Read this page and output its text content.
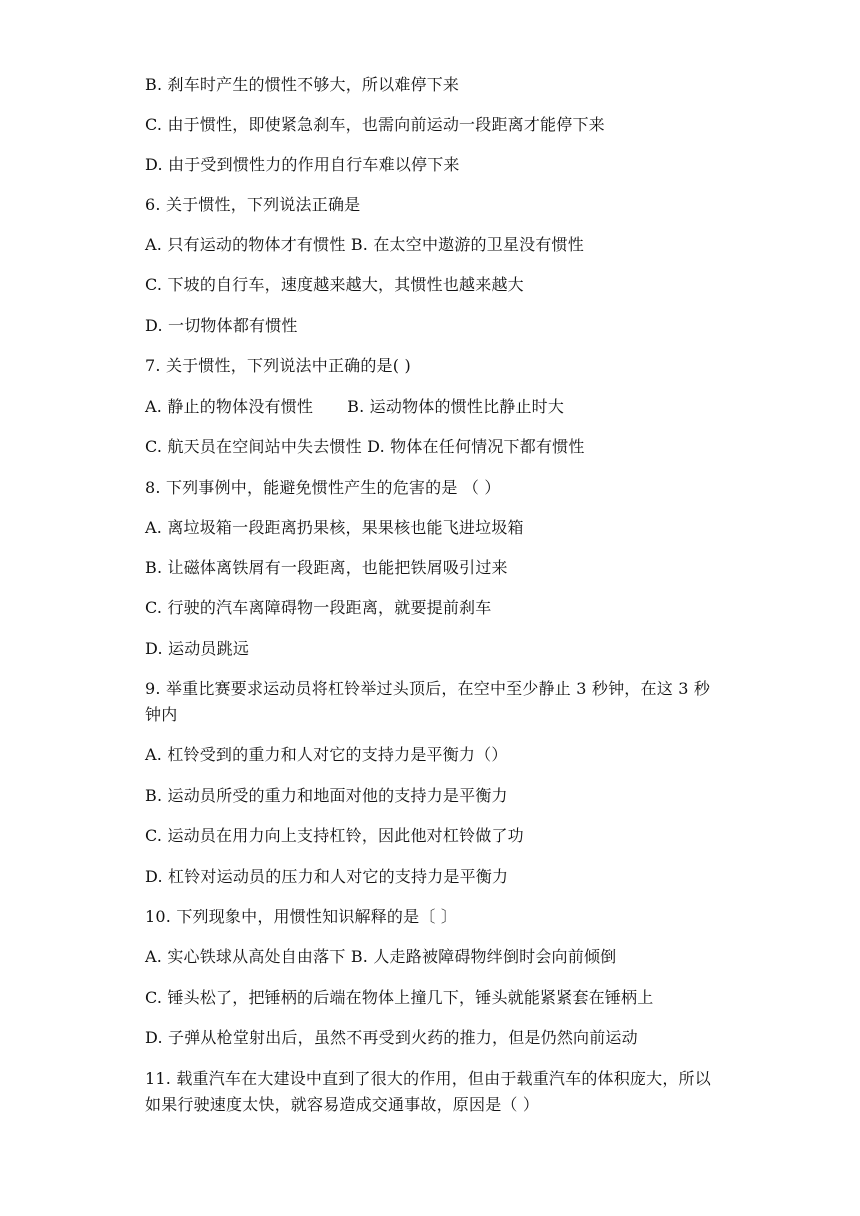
B. 刹车时产生的惯性不够大，所以难停下来
C. 由于惯性，即使紧急刹车，也需向前运动一段距离才能停下来
D. 由于受到惯性力的作用自行车难以停下来
6. 关于惯性，下列说法正确是
A. 只有运动的物体才有惯性 B. 在太空中遨游的卫星没有惯性
C. 下坡的自行车，速度越来越大，其惯性也越来越大
D. 一切物体都有惯性
7. 关于惯性，下列说法中正确的是( )
A. 静止的物体没有惯性 B. 运动物体的惯性比静止时大
C. 航天员在空间站中失去惯性 D. 物体在任何情况下都有惯性
8. 下列事例中，能避免惯性产生的危害的是 （ ）
A. 离垃圾箱一段距离扔果核，果果核也能飞进垃圾箱
B. 让磁体离铁屑有一段距离，也能把铁屑吸引过来
C. 行驶的汽车离障碍物一段距离，就要提前刹车
D. 运动员跳远
9. 举重比赛要求运动员将杠铃举过头顶后，在空中至少静止 3 秒钟，在这 3 秒钟内
A. 杠铃受到的重力和人对它的支持力是平衡力（）
B. 运动员所受的重力和地面对他的支持力是平衡力
C. 运动员在用力向上支持杠铃，因此他对杠铃做了功
D. 杠铃对运动员的压力和人对它的支持力是平衡力
10. 下列现象中，用惯性知识解释的是〔 〕
A. 实心铁球从高处自由落下 B. 人走路被障碍物绊倒时会向前倾倒
C. 锤头松了，把锤柄的后端在物体上撞几下，锤头就能紧紧套在锤柄上
D. 子弹从枪堂射出后，虽然不再受到火药的推力，但是仍然向前运动
11. 载重汽车在大建设中直到了很大的作用，但由于载重汽车的体积庞大，所以如果行驶速度太快，就容易造成交通事故，原因是（ ）
